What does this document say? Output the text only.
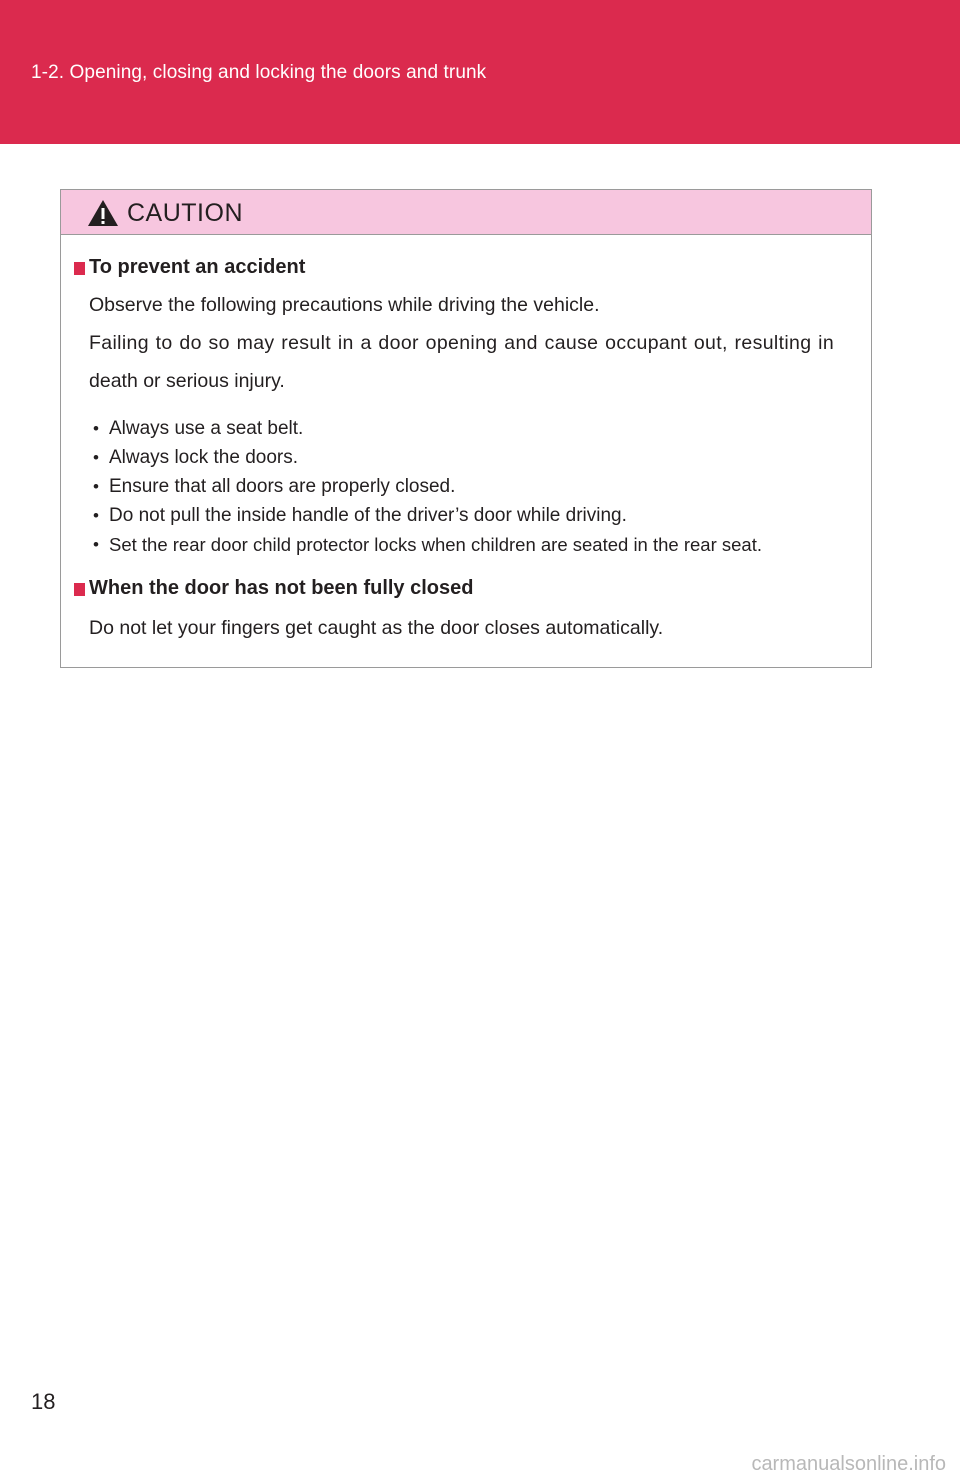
1-2. Opening, closing and locking the doors and trunk
CAUTION
To prevent an accident
Observe the following precautions while driving the vehicle.
Failing to do so may result in a door opening and cause occupant out, resulting in
death or serious injury.
• Always use a seat belt.
• Always lock the doors.
• Ensure that all doors are properly closed.
• Do not pull the inside handle of the driver’s door while driving.
• Set the rear door child protector locks when children are seated in the rear seat.
When the door has not been fully closed
Do not let your fingers get caught as the door closes automatically.
18
carmanualsonline.info
